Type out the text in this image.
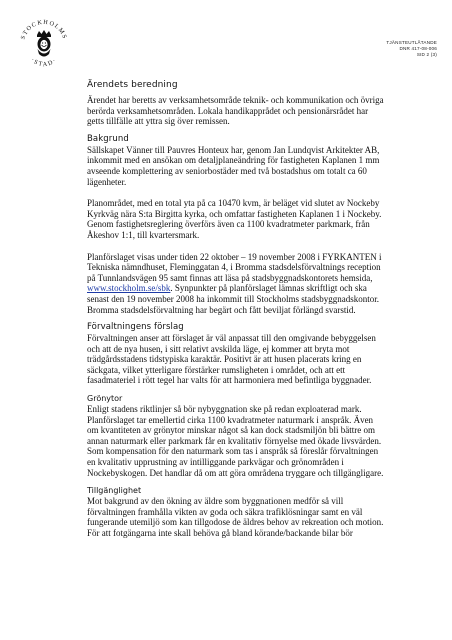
STOCKHOLMS
·STAD·
TJÄNSTEUTLÅTANDE
DNR 417-08-006
SID 2 (3)

Ärendets beredning

Ärendet har beretts av verksamhetsområde teknik- och kommunikation och övriga
berörda verksamhetsområden. Lokala handikapprådet och pensionärsrådet har
getts tillfälle att yttra sig över remissen.

Bakgrund

Sällskapet Vänner till Pauvres Honteux har, genom Jan Lundqvist Arkitekter AB,
inkommit med en ansökan om detaljplaneändring för fastigheten Kaplanen 1 mm
avseende komplettering av seniorbostäder med två bostadshus om totalt ca 60
lägenheter.

Planområdet, med en total yta på ca 10470 kvm, är beläget vid slutet av Nockeby
Kyrkväg nära S:ta Birgitta kyrka, och omfattar fastigheten Kaplanen 1 i Nockeby.
Genom fastighetsreglering överförs även ca 1100 kvadratmeter parkmark, från
Åkeshov 1:1, till kvartersmark.

Planförslaget visas under tiden 22 oktober – 19 november 2008 i FYRKANTEN i
Tekniska nämndhuset, Fleminggatan 4, i Bromma stadsdelsförvaltnings reception
på Tunnlandsvägen 95 samt finnas att läsa på stadsbyggnadskontorets hemsida,
www.stockholm.se/sbk. Synpunkter på planförslaget lämnas skriftligt och ska
senast den 19 november 2008 ha inkommit till Stockholms stadsbyggnadskontor.
Bromma stadsdelsförvaltning har begärt och fått beviljat förlängd svarstid.

Förvaltningens förslag

Förvaltningen anser att förslaget är väl anpassat till den omgivande bebyggelsen
och att de nya husen, i sitt relativt avskilda läge, ej kommer att bryta mot
trädgårdsstadens tidstypiska karaktär. Positivt är att husen placerats kring en
säckgata, vilket ytterligare förstärker rumsligheten i området, och att ett
fasadmateriel i rött tegel har valts för att harmoniera med befintliga byggnader.

Grönytor

Enligt stadens riktlinjer så bör nybyggnation ske på redan exploaterad mark.
Planförslaget tar emellertid cirka 1100 kvadratmeter naturmark i anspråk. Även
om kvantiteten av grönytor minskar något så kan dock stadsmiljön bli bättre om
annan naturmark eller parkmark får en kvalitativ förnyelse med ökade livsvärden.
Som kompensation för den naturmark som tas i anspråk så föreslår förvaltningen
en kvalitativ upprustning av intilliggande parkvägar och grönområden i
Nockebyskogen. Det handlar då om att göra områdena tryggare och tillgängligare.

Tillgänglighet

Mot bakgrund av den ökning av äldre som byggnationen medför så vill
förvaltningen framhålla vikten av goda och säkra trafiklösningar samt en väl
fungerande utemiljö som kan tillgodose de äldres behov av rekreation och motion.
För att fotgängarna inte skall behöva gå bland körande/backande bilar bör
